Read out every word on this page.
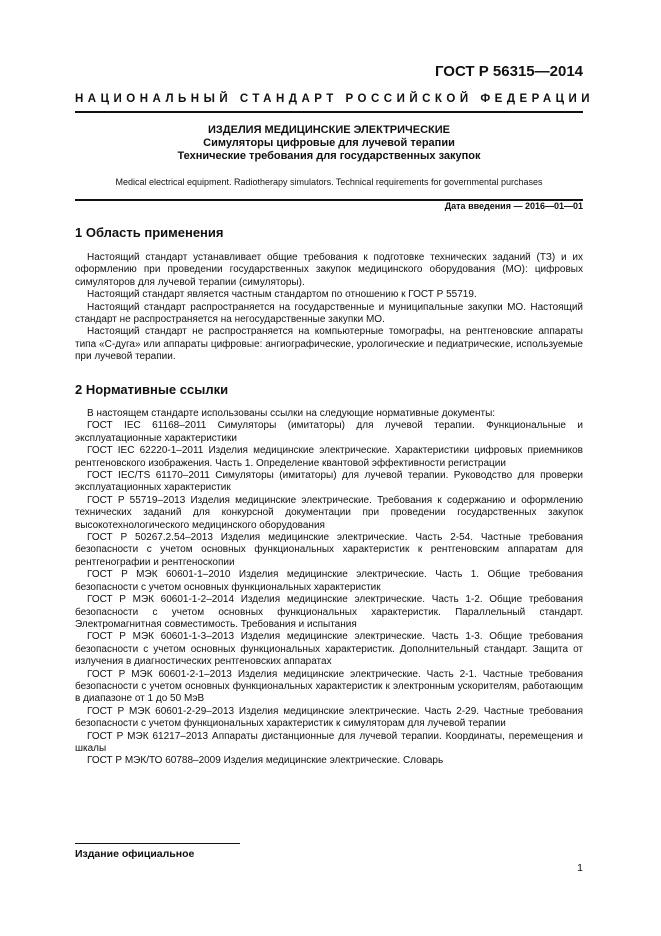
ГОСТ Р 56315—2014
НАЦИОНАЛЬНЫЙ СТАНДАРТ РОССИЙСКОЙ ФЕДЕРАЦИИ
ИЗДЕЛИЯ МЕДИЦИНСКИЕ ЭЛЕКТРИЧЕСКИЕ
Симуляторы цифровые для лучевой терапии
Технические требования для государственных закупок
Medical electrical equipment. Radiotherapy simulators. Technical requirements for governmental purchases
Дата введения — 2016—01—01
1 Область применения

Настоящий стандарт устанавливает общие требования к подготовке технических заданий (ТЗ) и их оформлению при проведении государственных закупок медицинского оборудования (МО): цифровых симуляторов для лучевой терапии (симуляторы).

Настоящий стандарт является частным стандартом по отношению к ГОСТ Р 55719.

Настоящий стандарт распространяется на государственные и муниципальные закупки МО. Настоящий стандарт не распространяется на негосударственные закупки МО.

Настоящий стандарт не распространяется на компьютерные томографы, на рентгеновские аппараты типа «С-дуга» или аппараты цифровые: ангиографические, урологические и педиатрические, используемые при лучевой терапии.

2 Нормативные ссылки

В настоящем стандарте использованы ссылки на следующие нормативные документы:

ГОСТ IEC 61168–2011 Симуляторы (имитаторы) для лучевой терапии. Функциональные и эксплуатационные характеристики

ГОСТ IEC 62220-1–2011 Изделия медицинские электрические. Характеристики цифровых приемников рентгеновского изображения. Часть 1. Определение квантовой эффективности регистрации

ГОСТ IEC/TS 61170–2011 Симуляторы (имитаторы) для лучевой терапии. Руководство для проверки эксплуатационных характеристик

ГОСТ Р 55719–2013 Изделия медицинские электрические. Требования к содержанию и оформлению технических заданий для конкурсной документации при проведении государственных закупок высокотехнологического медицинского оборудования

ГОСТ Р 50267.2.54–2013 Изделия медицинские электрические. Часть 2-54. Частные требования безопасности с учетом основных функциональных характеристик к рентгеновским аппаратам для рентгенографии и рентгеноскопии

ГОСТ Р МЭК 60601-1–2010 Изделия медицинские электрические. Часть 1. Общие требования безопасности с учетом основных функциональных характеристик

ГОСТ Р МЭК 60601-1-2–2014 Изделия медицинские электрические. Часть 1-2. Общие требования безопасности с учетом основных функциональных характеристик. Параллельный стандарт. Электромагнитная совместимость. Требования и испытания

ГОСТ Р МЭК 60601-1-3–2013 Изделия медицинские электрические. Часть 1-3. Общие требования безопасности с учетом основных функциональных характеристик. Дополнительный стандарт. Защита от излучения в диагностических рентгеновских аппаратах

ГОСТ Р МЭК 60601-2-1–2013 Изделия медицинские электрические. Часть 2-1. Частные требования безопасности с учетом основных функциональных характеристик к электронным ускорителям, работающим в диапазоне от 1 до 50 МэВ

ГОСТ Р МЭК 60601-2-29–2013 Изделия медицинские электрические. Часть 2-29. Частные требования безопасности с учетом функциональных характеристик к симуляторам для лучевой терапии

ГОСТ Р МЭК 61217–2013 Аппараты дистанционные для лучевой терапии. Координаты, перемещения и шкалы

ГОСТ Р МЭК/ТО 60788–2009 Изделия медицинские электрические. Словарь

Издание официальное
1
